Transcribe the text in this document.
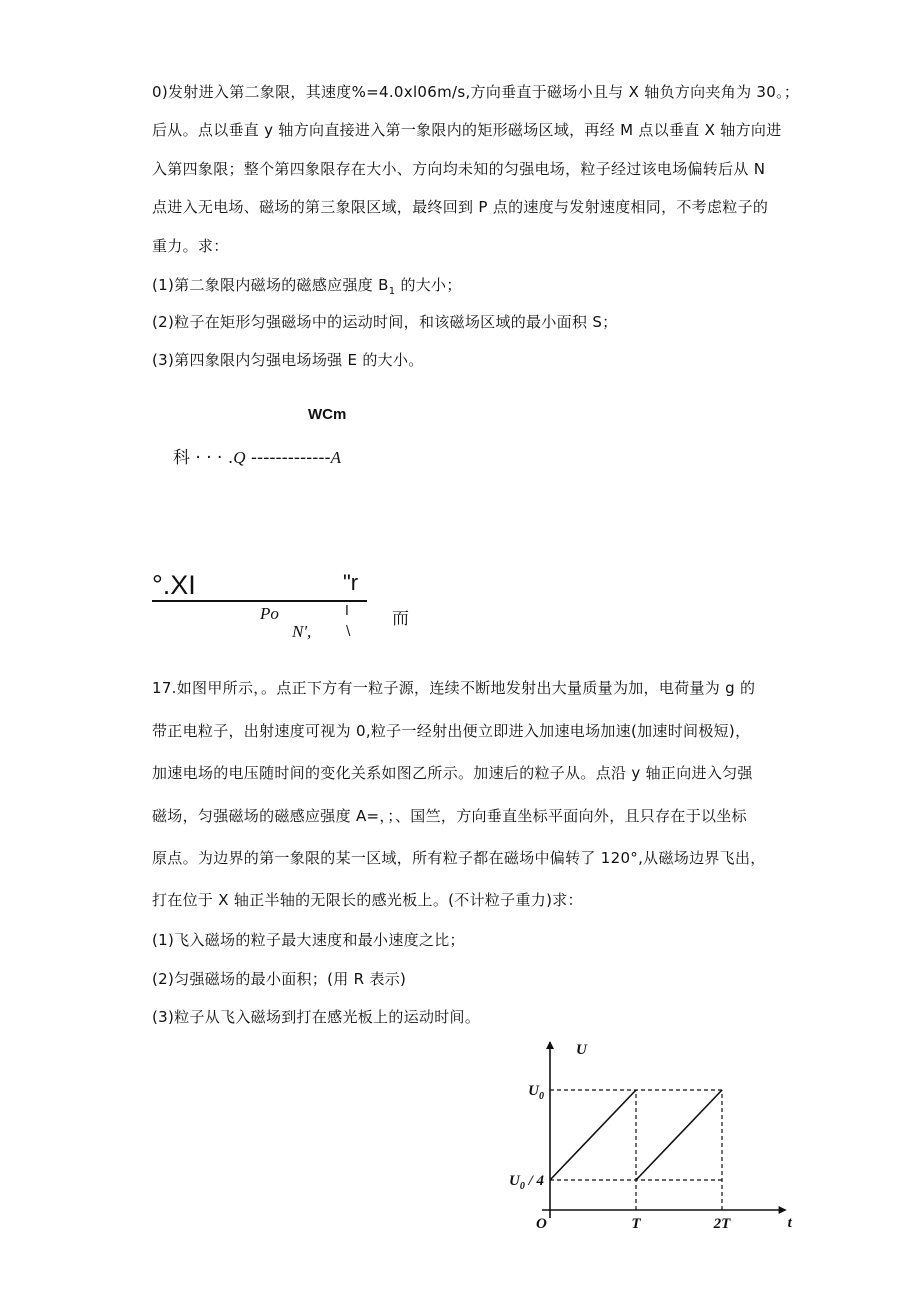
0)发射进入第二象限，其速度%=4.0xl06m/s,方向垂直于磁场小且与 X 轴负方向夹角为 30。；
后从。点以垂直 y 轴方向直接进入第一象限内的矩形磁场区域，再经 M 点以垂直 X 轴方向进
入第四象限；整个第四象限存在大小、方向均未知的匀强电场，粒子经过该电场偏转后从 N
点进入无电场、磁场的第三象限区域，最终回到 P 点的速度与发射速度相同，不考虑粒子的
重力。求：
(1)第二象限内磁场的磁感应强度 $B_1$ 的大小；
(2)粒子在矩形匀强磁场中的运动时间，和该磁场区域的最小面积 S；
(3)第四象限内匀强电场场强 E 的大小。
WCm
科 · · · .Q -------------A
°.XI	"r
Po	I
N',	\
而
17.如图甲所示，。点正下方有一粒子源，连续不断地发射出大量质量为加，电荷量为 g 的
带正电粒子，出射速度可视为 0,粒子一经射出便立即进入加速电场加速(加速时间极短)，
加速电场的电压随时间的变化关系如图乙所示。加速后的粒子从。点沿 y 轴正向进入匀强
磁场，匀强磁场的磁感应强度 A=，；、国竺，方向垂直坐标平面向外，且只存在于以坐标
原点。为边界的第一象限的某一区域，所有粒子都在磁场中偏转了 120°,从磁场边界飞出，
打在位于 X 轴正半轴的无限长的感光板上。(不计粒子重力)求：
(1)飞入磁场的粒子最大速度和最小速度之比；
(2)匀强磁场的最小面积；(用 R 表示)
(3)粒子从飞入磁场到打在感光板上的运动时间。
U
t
O	T	2T
$U_0 / 4$
$U_0$
